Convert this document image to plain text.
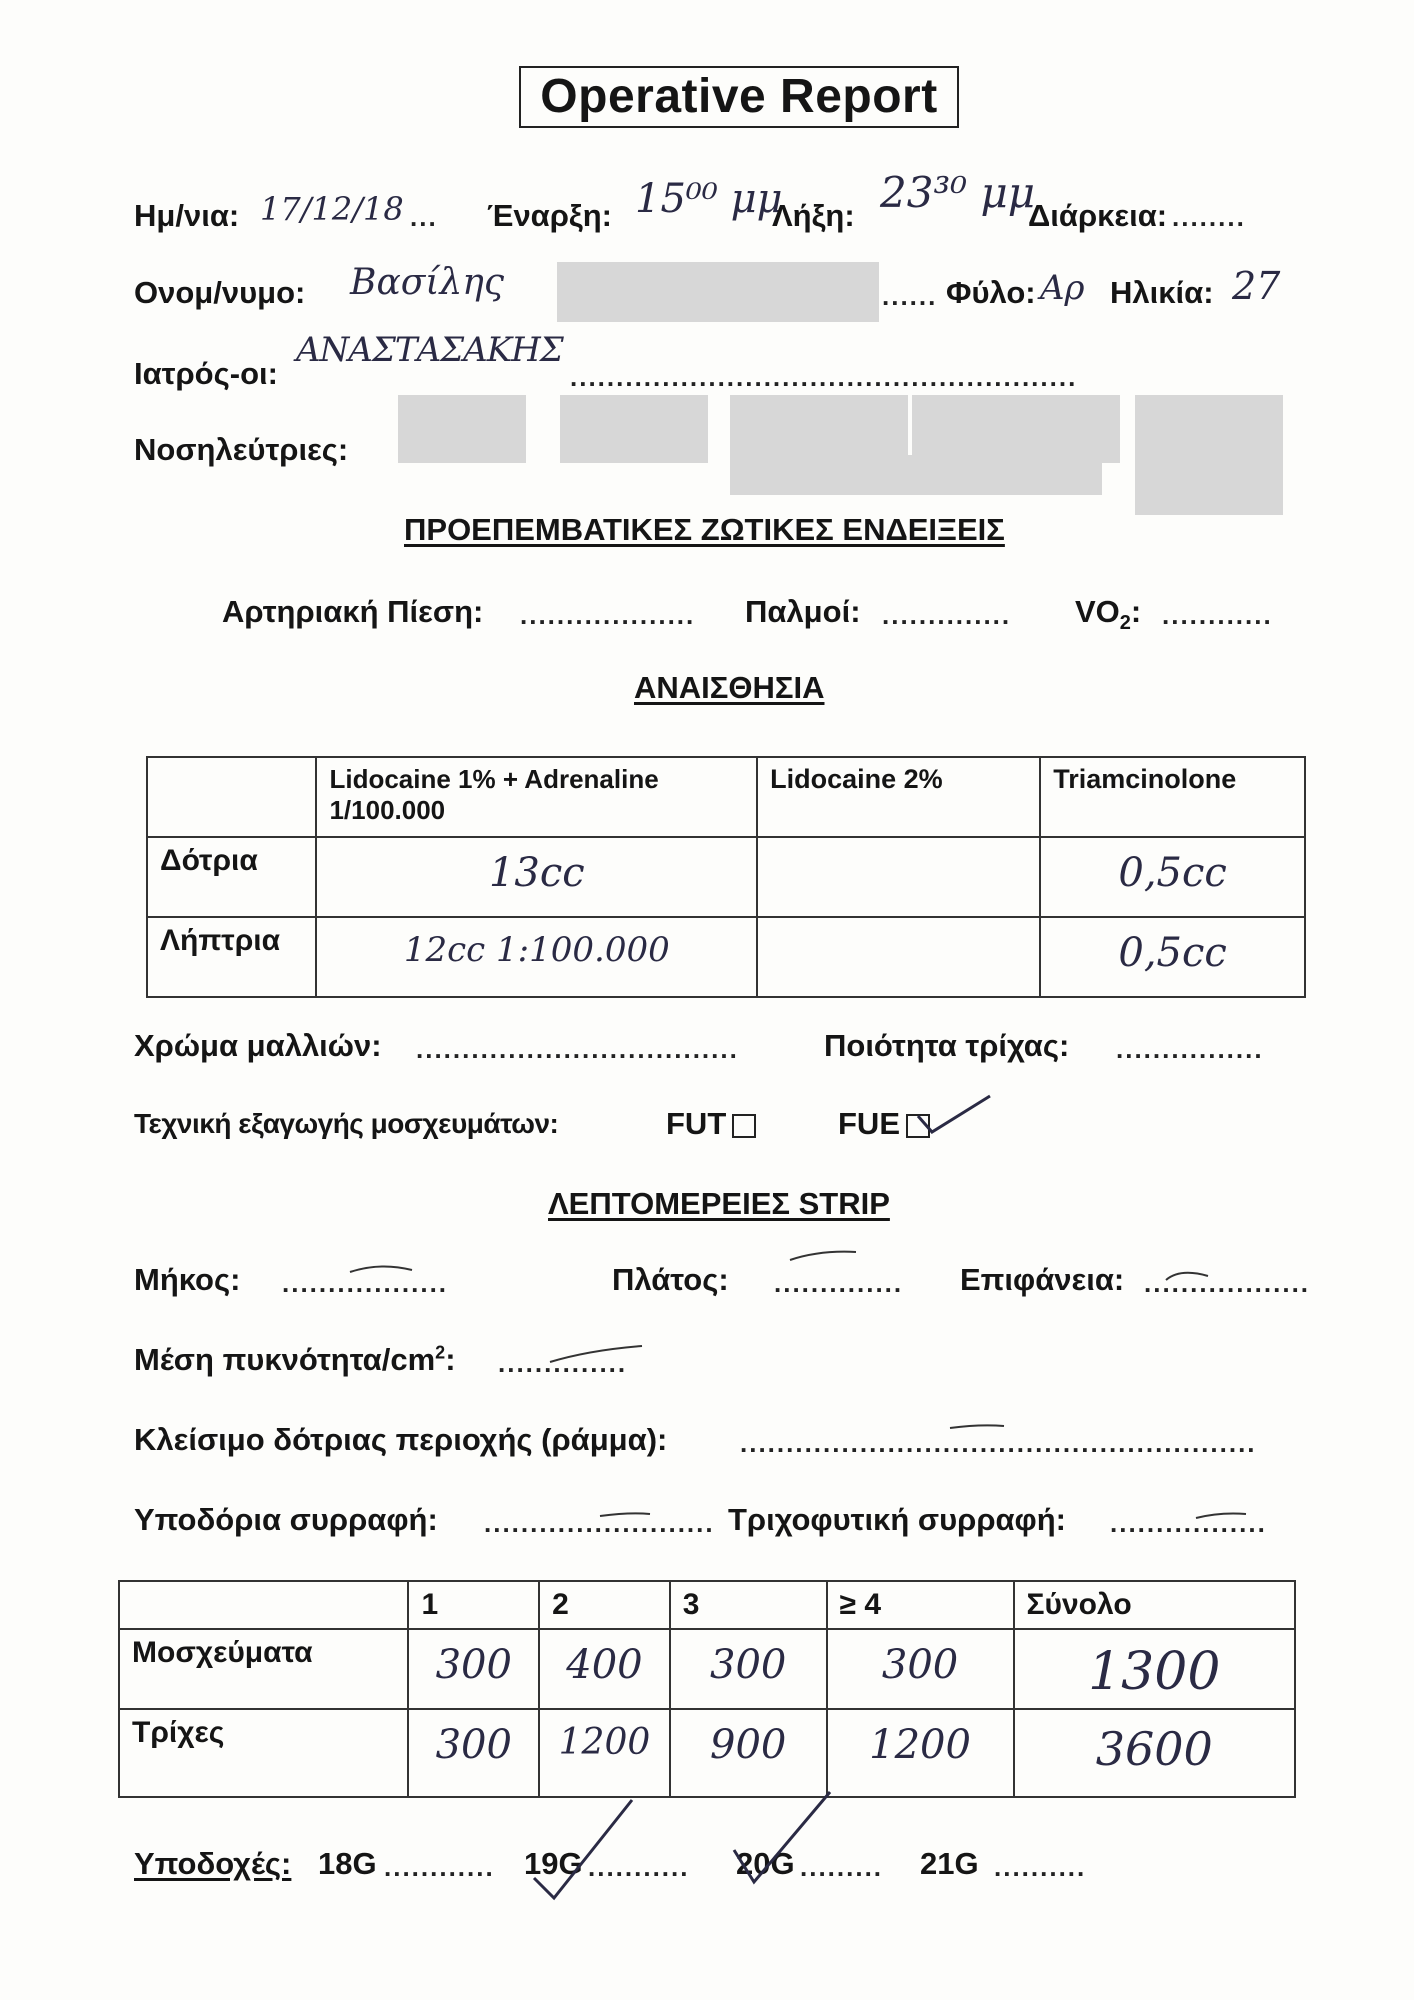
Operative Report
Ημ/νια: 17/12/18 ... Έναρξη: 15⁰⁰ μμ
Λήξη: 23³⁰ μμ
Διάρκεια: ........
Ονομ/νυμο: Βασίλης	...... Φύλο: Αρ Ηλικία: 27
Ιατρός-οι:
ΑΝΑΣΤΑΣΑΚΗΣ
.......................................................
Νοσηλεύτριες:
ΠΡΟΕΠΕΜΒΑΤΙΚΕΣ ΖΩΤΙΚΕΣ ΕΝΔΕΙΞΕΙΣ
Αρτηριακή Πίεση: ................... Παλμοί: .............. $VO_2$: ............
ΑΝΑΙΣΘΗΣΙΑ
	Lidocaine 1% + Adrenaline 1/100.000	Lidocaine 2%	Triamcinolone
Δότρια	13cc		0,5cc

Λήπτρια	12cc 1:100.000		0,5cc
Χρώμα μαλλιών: ...................................	Ποιότητα τρίχας: ................
Τεχνική εξαγωγής μοσχευμάτων:	FUT	FUE
ΛΕΠΤΟΜΕΡΕΙΕΣ STRIP
Μήκος: ..................	Πλάτος: .............. Επιφάνεια: ..................
Μέση πυκνότητα/$cm^2$: ..............
Κλείσιμο δότριας περιοχής (ράμμα):	........................................................
Υποδόρια συρραφή: ......................... Τριχοφυτική συρραφή: .................
	1	2	3	≥ 4	Σύνολο
Μοσχεύματα	300	400	300	300	1300

Τρίχες	300	1200	900	1200	3600
Υποδοχές: 18G ............ 19G ........... 20G ......... 21G ..........
